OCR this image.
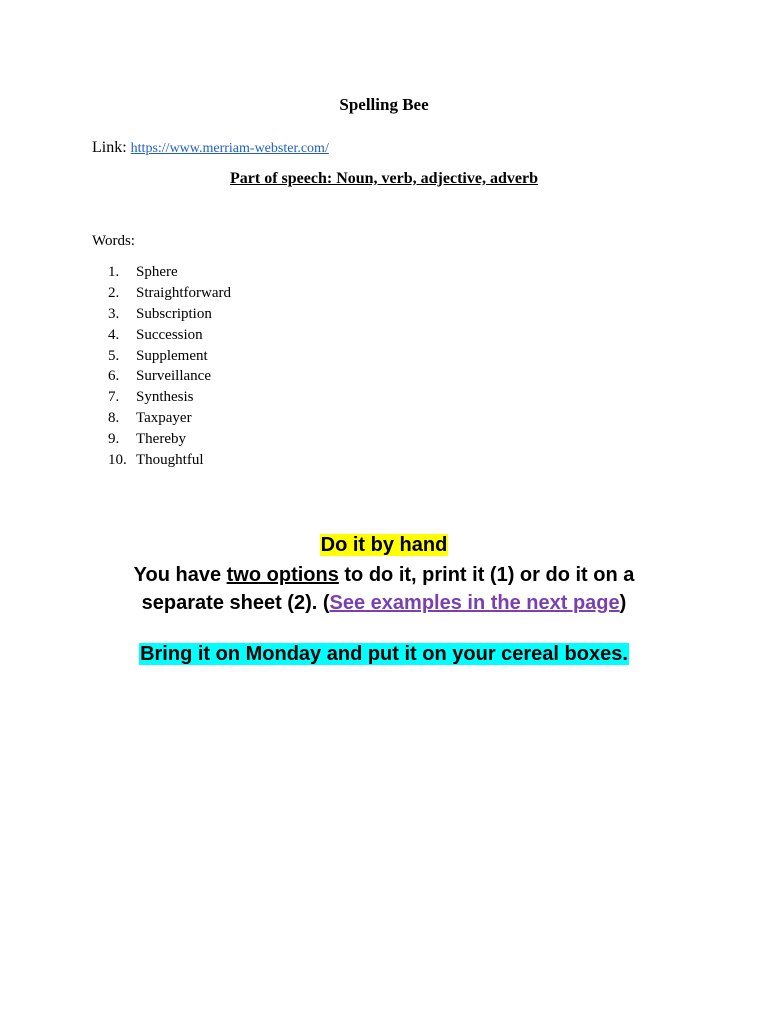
Spelling Bee
Link: https://www.merriam-webster.com/
Part of speech: Noun, verb, adjective, adverb
Words:
1.	Sphere
2.	Straightforward
3.	Subscription
4.	Succession
5.	Supplement
6.	Surveillance
7.	Synthesis
8.	Taxpayer
9.	Thereby
10. Thoughtful
Do it by hand
You have two options to do it, print it (1) or do it on a
separate sheet (2). (See examples in the next page)
Bring it on Monday and put it on your cereal boxes.
